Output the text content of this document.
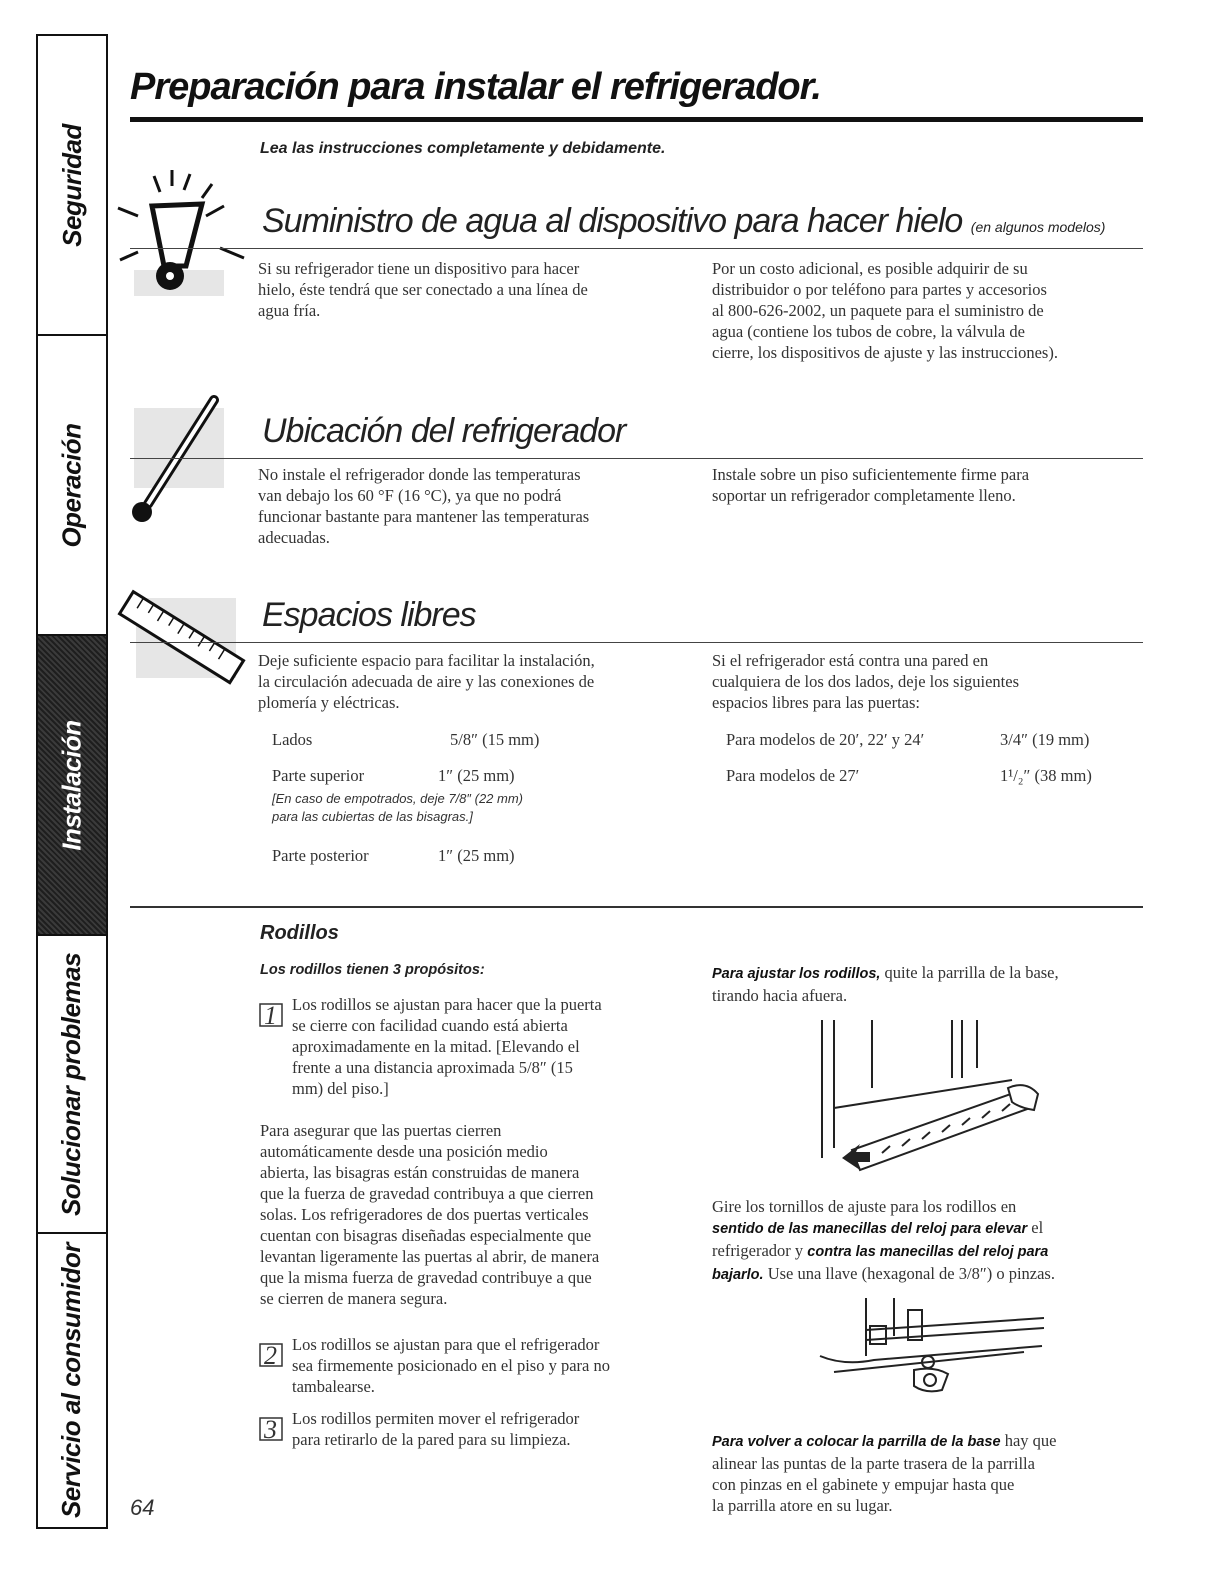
Seguridad
Operación
Instalación
Solucionar problemas
Servicio al consumidor
Preparación para instalar el refrigerador.
Lea las instrucciones completamente y debidamente.
Suministro de agua al dispositivo para hacer hielo (en algunos modelos)
Si su refrigerador tiene un dispositivo para hacer
hielo, éste tendrá que ser conectado a una línea de
agua fría.
Por un costo adicional, es posible adquirir de su
distribuidor o por teléfono para partes y accesorios
al 800-626-2002, un paquete para el suministro de
agua (contiene los tubos de cobre, la válvula de
cierre, los dispositivos de ajuste y las instrucciones).
Ubicación del refrigerador
No instale el refrigerador donde las temperaturas
van debajo los 60 °F (16 °C), ya que no podrá
funcionar bastante para mantener las temperaturas
adecuadas.
Instale sobre un piso suficientemente firme para
soportar un refrigerador completamente lleno.
Espacios libres
Deje suficiente espacio para facilitar la instalación,
la circulación adecuada de aire y las conexiones de
plomería y eléctricas.
Si el refrigerador está contra una pared en
cualquiera de los dos lados, deje los siguientes
espacios libres para las puertas:
Lados	5/8″ (15 mm)
Parte superior	1″ (25 mm)
[En caso de empotrados, deje 7/8″ (22 mm)
para las cubiertas de las bisagras.]
Parte posterior	1″ (25 mm)
Para modelos de 20′, 22′ y 24′	3/4″ (19 mm)
Para modelos de 27′	1¹/₂″ (38 mm)
Rodillos
Los rodillos tienen 3 propósitos:
1 Los rodillos se ajustan para hacer que la puerta
se cierre con facilidad cuando está abierta
aproximadamente en la mitad. [Elevando el
frente a una distancia aproximada 5/8″ (15
mm) del piso.]
Para asegurar que las puertas cierren
automáticamente desde una posición medio
abierta, las bisagras están construidas de manera
que la fuerza de gravedad contribuya a que cierren
solas. Los refrigeradores de dos puertas verticales
cuentan con bisagras diseñadas especialmente que
levantan ligeramente las puertas al abrir, de manera
que la misma fuerza de gravedad contribuye a que
se cierren de manera segura.
2 Los rodillos se ajustan para que el refrigerador
sea firmemente posicionado en el piso y para no
tambalearse.
3 Los rodillos permiten mover el refrigerador
para retirarlo de la pared para su limpieza.
Para ajustar los rodillos, quite la parrilla de la base,
tirando hacia afuera.
Gire los tornillos de ajuste para los rodillos en
sentido de las manecillas del reloj para elevar el
refrigerador y contra las manecillas del reloj para
bajarlo. Use una llave (hexagonal de 3/8″) o pinzas.
Para volver a colocar la parrilla de la base hay que
alinear las puntas de la parte trasera de la parrilla
con pinzas en el gabinete y empujar hasta que
la parrilla atore en su lugar.
64
